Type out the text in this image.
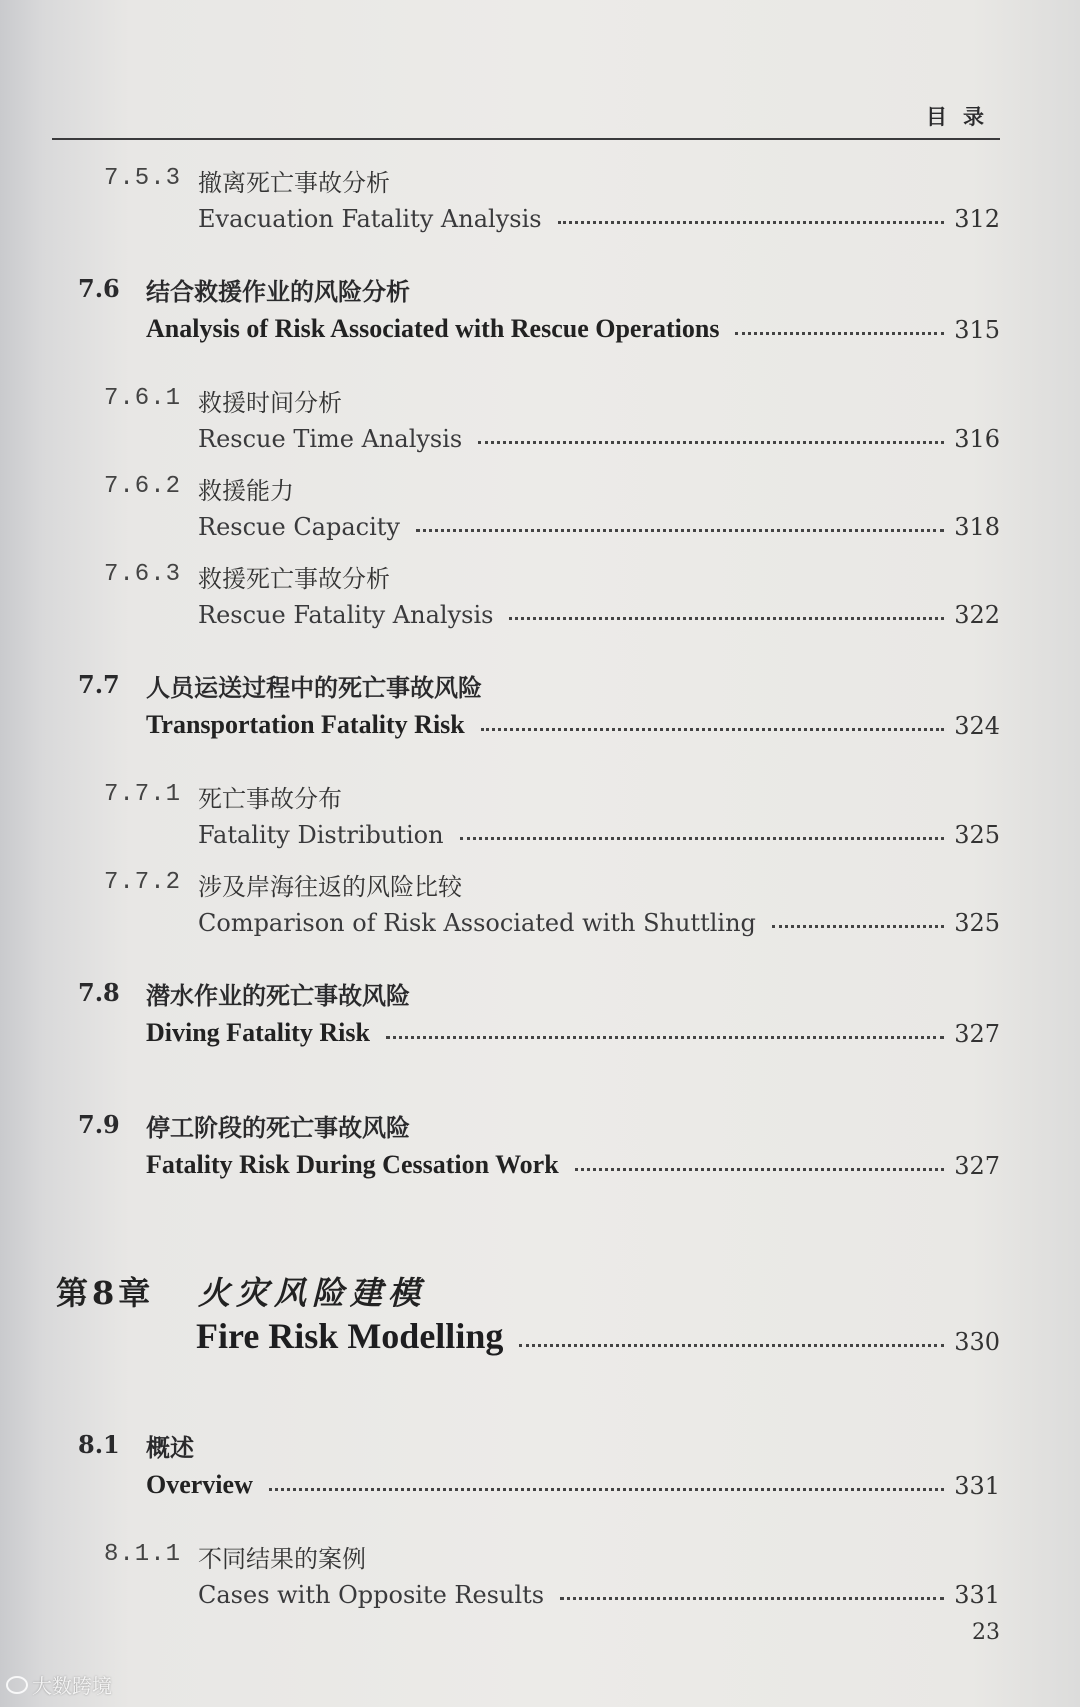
目录
7.5.3 撤离死亡事故分析
Evacuation Fatality Analysis	312
7.6 结合救援作业的风险分析
Analysis of Risk Associated with Rescue Operations	315
7.6.1 救援时间分析
Rescue Time Analysis	316
7.6.2 救援能力
Rescue Capacity	318
7.6.3 救援死亡事故分析
Rescue Fatality Analysis	322
7.7 人员运送过程中的死亡事故风险
Transportation Fatality Risk	324
7.7.1 死亡事故分布
Fatality Distribution	325
7.7.2 涉及岸海往返的风险比较
Comparison of Risk Associated with Shuttling	325
7.8 潜水作业的死亡事故风险
Diving Fatality Risk	327
7.9 停工阶段的死亡事故风险
Fatality Risk During Cessation Work	327
第8章 火灾风险建模
Fire Risk Modelling	330
8.1 概述
Overview	331
8.1.1 不同结果的案例
Cases with Opposite Results	331
23
大数跨境
